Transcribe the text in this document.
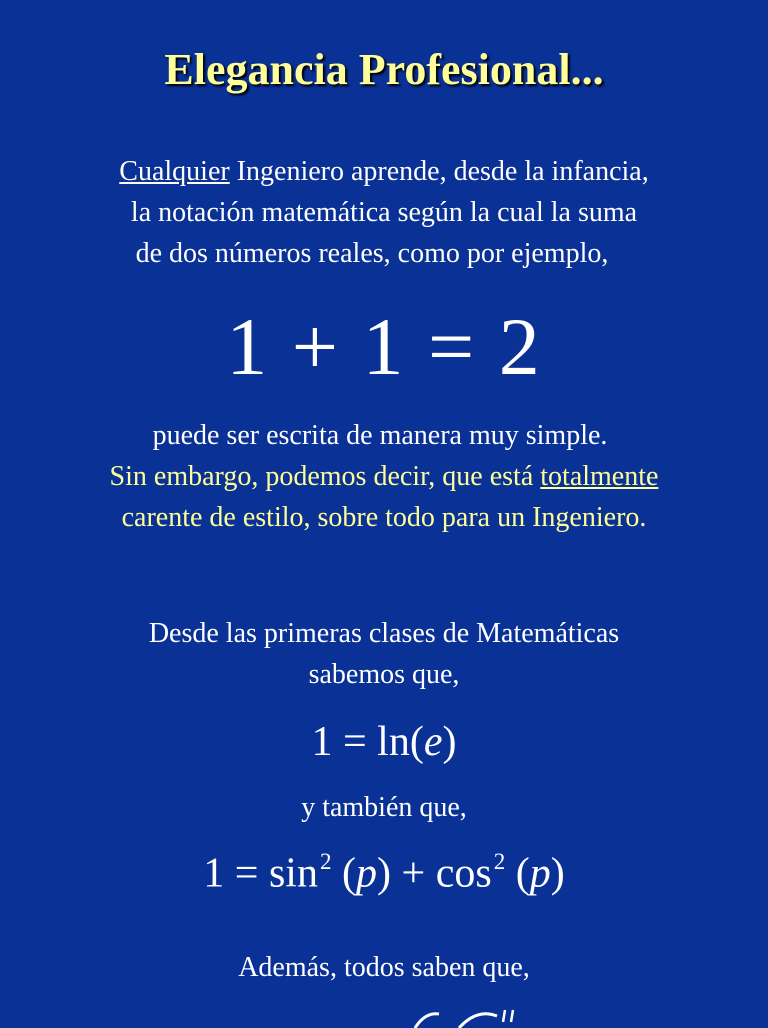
Elegancia Profesional...
Cualquier Ingeniero aprende, desde la infancia,
la notación matemática según la cual la suma
de dos números reales, como por ejemplo,
1 + 1 = 2
puede ser escrita de manera muy simple.
Sin embargo, podemos decir, que está totalmente
carente de estilo, sobre todo para un Ingeniero.
Desde las primeras clases de Matemáticas
sabemos que,
1 = ln(e)
y también que,
$1 = \sin^2 (p) + \cos^2 (p)$
Además, todos saben que,
